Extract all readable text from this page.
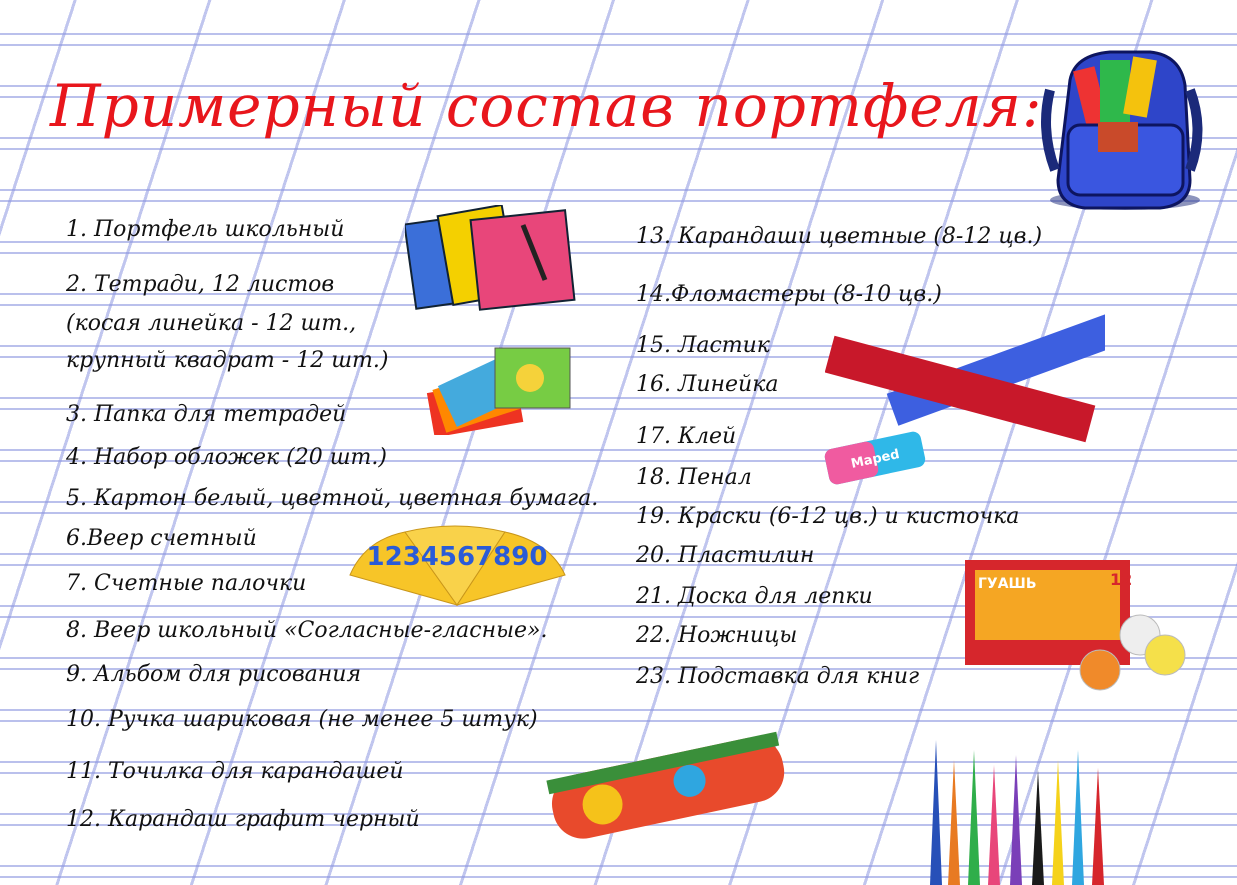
Примерный состав портфеля:
1234567890
Maped
ГУАШЬ	12
1. Портфель школьный
2. Тетради, 12 листов
(косая линейка - 12 шт.,
крупный квадрат - 12 шт.)
3. Папка для тетрадей
4. Набор обложек (20 шт.)
5. Картон белый, цветной, цветная бумага.
6.Веер счетный
7. Счетные палочки
8. Веер школьный «Согласные-гласные».
9. Альбом для рисования
10. Ручка шариковая (не менее 5 штук)
11. Точилка для карандашей
12. Карандаш графит черный
13. Карандаши цветные (8-12 цв.)
14.Фломастеры (8-10 цв.)
15. Ластик
16. Линейка
17. Клей
18. Пенал
19. Краски (6-12 цв.) и кисточка
20. Пластилин
21. Доска для лепки
22. Ножницы
23. Подставка для книг
